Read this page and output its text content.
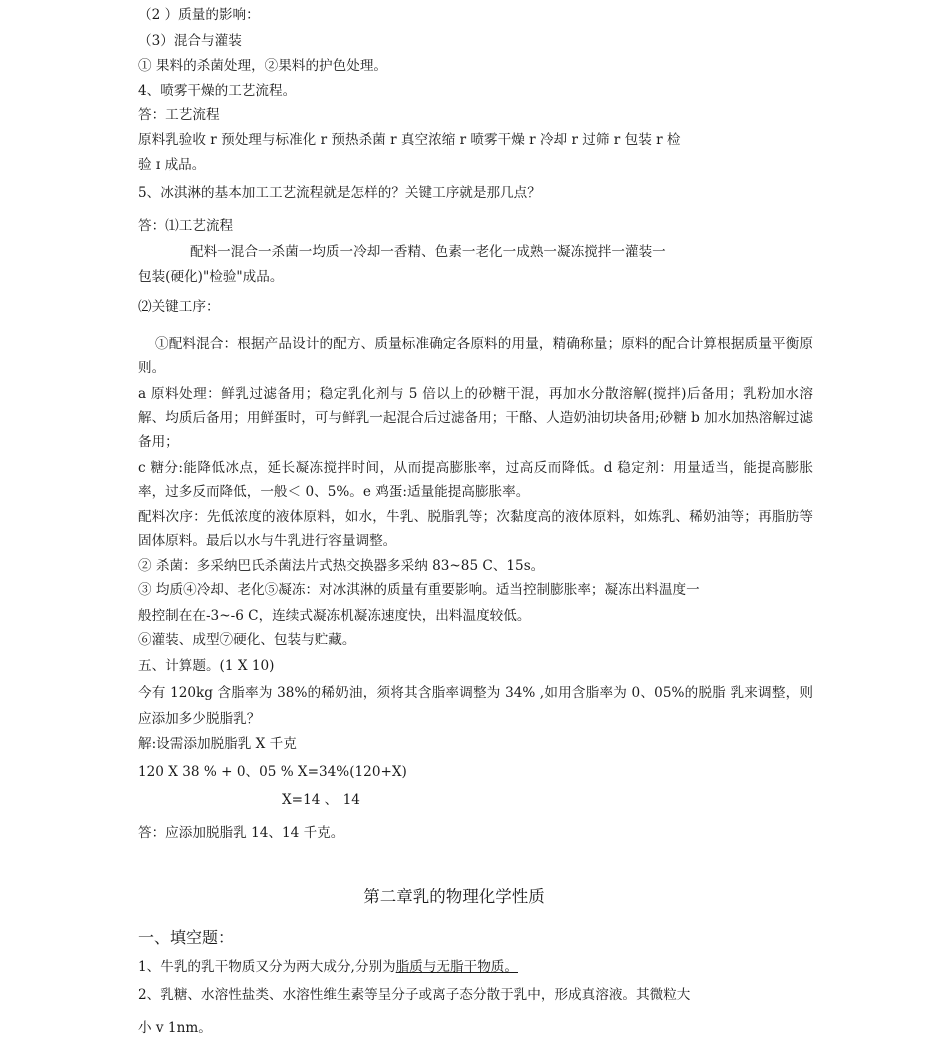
（2 ）质量的影响：
（3）混合与灌装
① 果料的杀菌处理，②果料的护色处理。
4、喷雾干燥的工艺流程。
答：工艺流程
原料乳验收 r 预处理与标准化 r 预热杀菌 r 真空浓缩 r 喷雾干燥 r 冷却 r 过筛 r 包装 r 检
验 ɪ 成品。
5、冰淇淋的基本加工工艺流程就是怎样的？关键工序就是那几点？
答：⑴工艺流程
配料一混合一杀菌一均质一冷却一香精、色素一老化一成熟一凝冻搅拌一灌装一
包装(硬化)"检验"成品。
⑵关键工序：
①配料混合：根据产品设计的配方、质量标准确定各原料的用量，精确称量；原料的配合计算根据质量平衡原则。
a 原料处理：鲜乳过滤备用；稳定乳化剂与 5 倍以上的砂糖干混，再加水分散溶解(搅拌)后备用；乳粉加水溶解、均质后备用；用鲜蛋时，可与鲜乳一起混合后过滤备用；干酪、人造奶油切块备用;砂糖 b 加水加热溶解过滤备用；
c 糖分:能降低冰点，延长凝冻搅拌时间，从而提高膨胀率，过高反而降低。d 稳定剂：用量适当，能提高膨胀率，过多反而降低，一般＜ 0、5%。e 鸡蛋:适量能提高膨胀率。
配料次序：先低浓度的液体原料，如水，牛乳、脱脂乳等；次黏度高的液体原料，如炼乳、稀奶油等；再脂肪等固体原料。最后以水与牛乳进行容量调整。
② 杀菌：多采纳巴氏杀菌法片式热交换器多采纳 83~85 C、15s。
③ 均质④冷却、老化⑤凝冻：对冰淇淋的质量有重要影响。适当控制膨胀率；凝冻出料温度一
般控制在在-3~-6 C，连续式凝冻机凝冻速度快，出料温度较低。
⑥灌装、成型⑦硬化、包装与贮藏。
五、计算题。(1 X 10)
今有 120kg 含脂率为 38%的稀奶油，须将其含脂率调整为 34% ,如用含脂率为 0、05%的脱脂 乳来调整，则应添加多少脱脂乳？
解:设需添加脱脂乳 X 千克
120 X 38 % + 0、05 % X=34%(120+X)
X=14 、 14
答：应添加脱脂乳 14、14 千克。
第二章乳的物理化学性质
一、填空题：
1、牛乳的乳干物质又分为两大成分,分别为脂质与无脂干物质。
2、乳糖、水溶性盐类、水溶性维生素等呈分子或离子态分散于乳中，形成真溶液。其微粒大
小 v 1nm。
